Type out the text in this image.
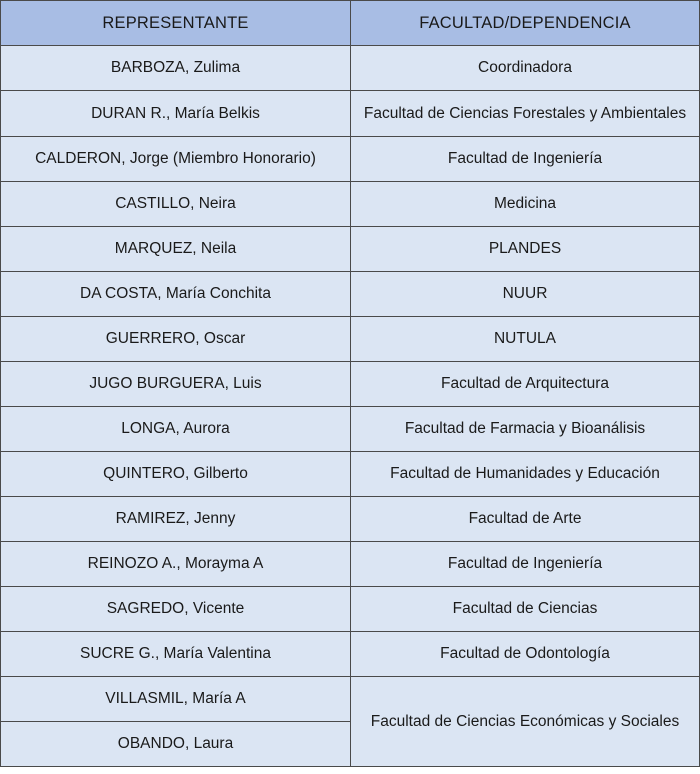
REPRESENTANTE	FACULTAD/DEPENDENCIA
BARBOZA, Zulima	Coordinadora
DURAN R., María Belkis	Facultad de Ciencias Forestales y Ambientales
CALDERON, Jorge (Miembro Honorario)	Facultad de Ingeniería
CASTILLO, Neira	Medicina
MARQUEZ, Neila	PLANDES
DA COSTA, María Conchita	NUUR
GUERRERO, Oscar	NUTULA
JUGO BURGUERA, Luis	Facultad de Arquitectura
LONGA, Aurora	Facultad de Farmacia y Bioanálisis
QUINTERO, Gilberto	Facultad de Humanidades y Educación
RAMIREZ, Jenny	Facultad de Arte
REINOZO A., Morayma A	Facultad de Ingeniería
SAGREDO, Vicente	Facultad de Ciencias
SUCRE G., María Valentina	Facultad de Odontología
VILLASMIL, María A	Facultad de Ciencias Económicas y Sociales
OBANDO, Laura	
